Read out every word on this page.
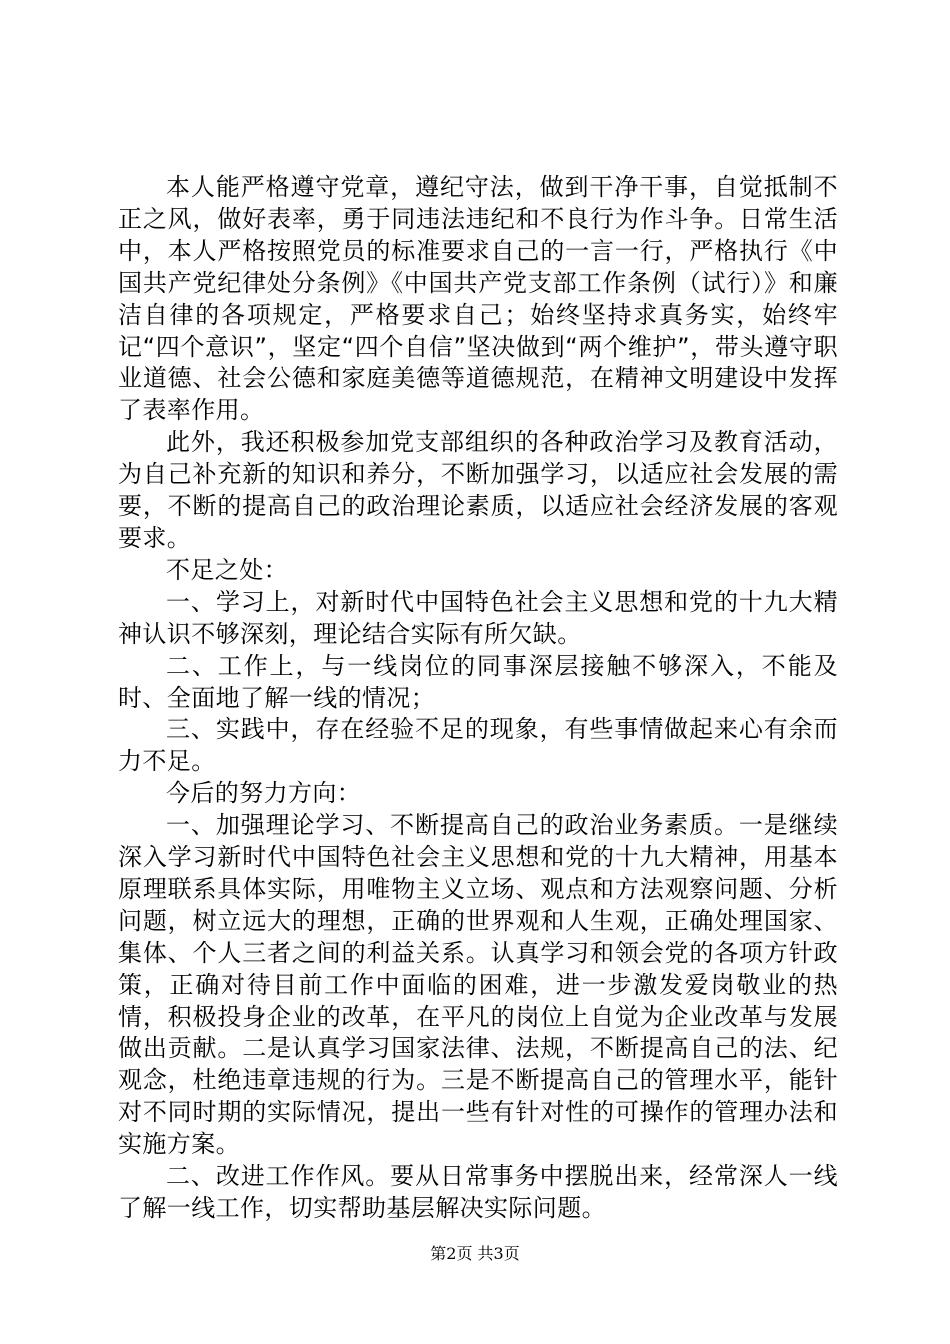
本人能严格遵守党章，遵纪守法，做到干净干事，自觉抵制不正之风，做好表率，勇于同违法违纪和不良行为作斗争。日常生活中，本人严格按照党员的标准要求自己的一言一行，严格执行《中国共产党纪律处分条例》《中国共产党支部工作条例（试行）》和廉洁自律的各项规定，严格要求自己；始终坚持求真务实，始终牢记“四个意识”，坚定“四个自信”坚决做到“两个维护”，带头遵守职业道德、社会公德和家庭美德等道德规范，在精神文明建设中发挥了表率作用。

此外，我还积极参加党支部组织的各种政治学习及教育活动，为自己补充新的知识和养分，不断加强学习，以适应社会发展的需要，不断的提高自己的政治理论素质，以适应社会经济发展的客观要求。

不足之处：

一、学习上，对新时代中国特色社会主义思想和党的十九大精神认识不够深刻，理论结合实际有所欠缺。

二、工作上，与一线岗位的同事深层接触不够深入，不能及时、全面地了解一线的情况；

三、实践中，存在经验不足的现象，有些事情做起来心有余而力不足。

今后的努力方向：

一、加强理论学习、不断提高自己的政治业务素质。一是继续深入学习新时代中国特色社会主义思想和党的十九大精神，用基本原理联系具体实际，用唯物主义立场、观点和方法观察问题、分析问题，树立远大的理想，正确的世界观和人生观，正确处理国家、集体、个人三者之间的利益关系。认真学习和领会党的各项方针政策，正确对待目前工作中面临的困难，进一步激发爱岗敬业的热情，积极投身企业的改革，在平凡的岗位上自觉为企业改革与发展做出贡献。二是认真学习国家法律、法规，不断提高自己的法、纪观念，杜绝违章违规的行为。三是不断提高自己的管理水平，能针对不同时期的实际情况，提出一些有针对性的可操作的管理办法和实施方案。

二、改进工作作风。要从日常事务中摆脱出来，经常深人一线了解一线工作，切实帮助基层解决实际问题。

第2页 共3页
